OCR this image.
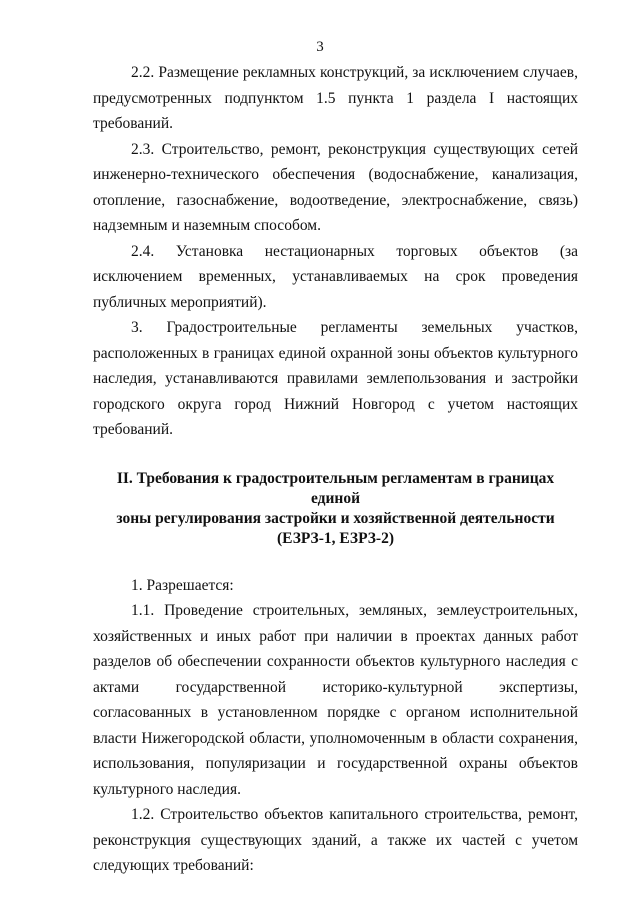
3

2.2. Размещение рекламных конструкций, за исключением случаев, предусмотренных подпунктом 1.5 пункта 1 раздела I настоящих требований.

2.3. Строительство, ремонт, реконструкция существующих сетей инженерно-технического обеспечения (водоснабжение, канализация, отопление, газоснабжение, водоотведение, электроснабжение, связь) надземным и наземным способом.

2.4. Установка нестационарных торговых объектов (за исключением временных, устанавливаемых на срок проведения публичных мероприятий).

3. Градостроительные регламенты земельных участков, расположенных в границах единой охранной зоны объектов культурного наследия, устанавливаются правилами землепользования и застройки городского округа город Нижний Новгород с учетом настоящих требований.

II. Требования к градостроительным регламентам в границах единой
зоны регулирования застройки и хозяйственной деятельности
(ЕЗРЗ-1, ЕЗРЗ-2)

1. Разрешается:

1.1. Проведение строительных, земляных, землеустроительных, хозяйственных и иных работ при наличии в проектах данных работ разделов об обеспечении сохранности объектов культурного наследия с актами государственной историко-культурной экспертизы, согласованных в установленном порядке с органом исполнительной власти Нижегородской области, уполномоченным в области сохранения, использования, популяризации и государственной охраны объектов культурного наследия.

1.2. Строительство объектов капитального строительства, ремонт, реконструкция существующих зданий, а также их частей с учетом следующих требований:
